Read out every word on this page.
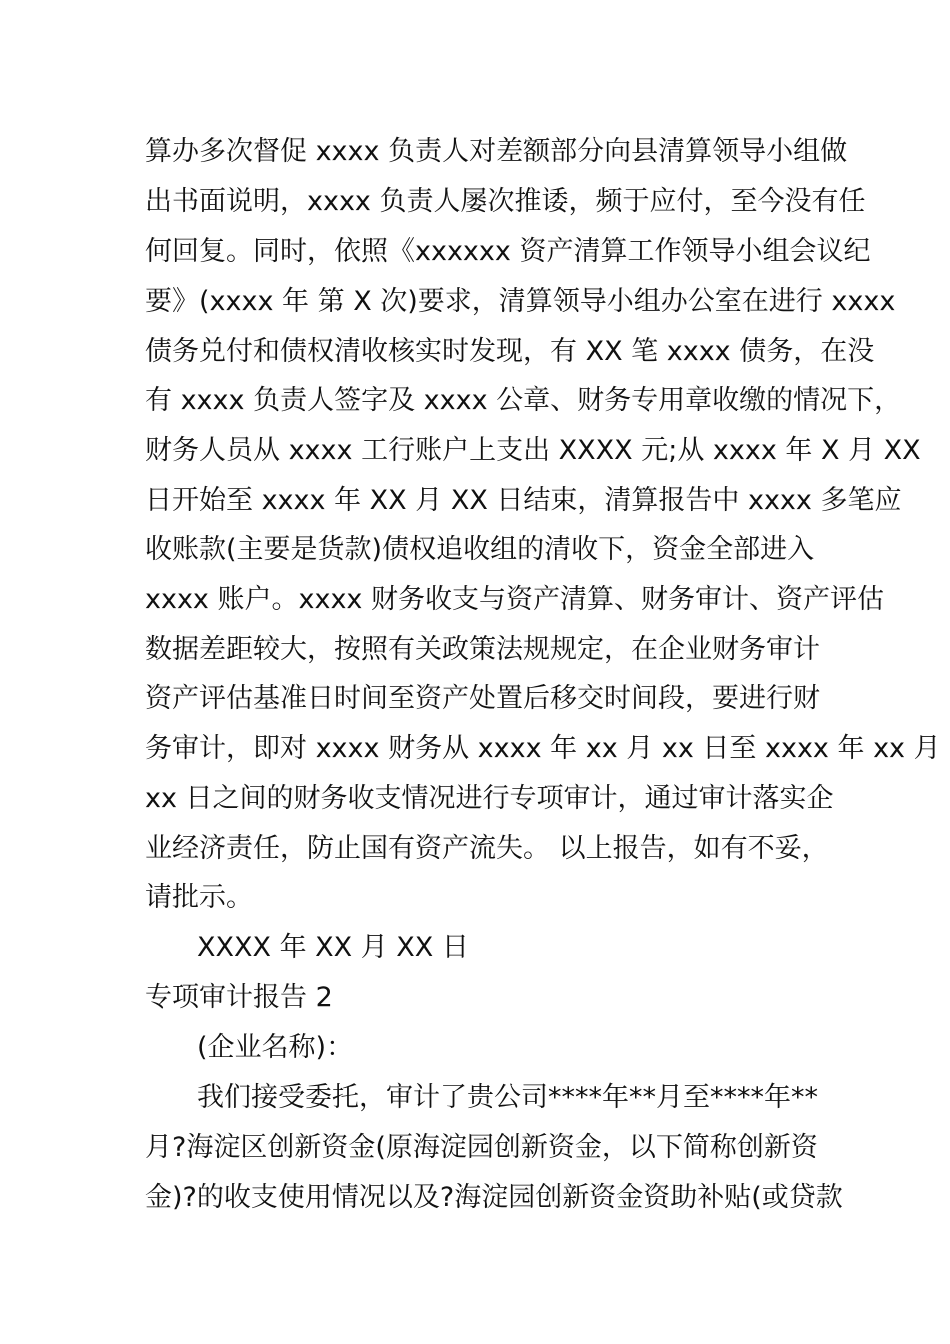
算办多次督促 xxxx 负责人对差额部分向县清算领导小组做
出书面说明，xxxx 负责人屡次推诿，频于应付，至今没有任
何回复。同时，依照《xxxxxx 资产清算工作领导小组会议纪
要》(xxxx 年 第 X 次)要求，清算领导小组办公室在进行 xxxx
债务兑付和债权清收核实时发现，有 XX 笔 xxxx 债务，在没
有 xxxx 负责人签字及 xxxx 公章、财务专用章收缴的情况下，
财务人员从 xxxx 工行账户上支出 XXXX 元;从 xxxx 年 X 月 XX
日开始至 xxxx 年 XX 月 XX 日结束，清算报告中 xxxx 多笔应
收账款(主要是货款)债权追收组的清收下，资金全部进入
xxxx 账户。xxxx 财务收支与资产清算、财务审计、资产评估
数据差距较大，按照有关政策法规规定，在企业财务审计
资产评估基准日时间至资产处置后移交时间段，要进行财
务审计，即对 xxxx 财务从 xxxx 年 xx 月 xx 日至 xxxx 年 xx 月
xx 日之间的财务收支情况进行专项审计，通过审计落实企
业经济责任，防止国有资产流失。 以上报告，如有不妥，
请批示。
XXXX 年 XX 月 XX 日
专项审计报告 2
(企业名称)：
我们接受委托，审计了贵公司****年**月至****年**
月?海淀区创新资金(原海淀园创新资金，以下简称创新资
金)?的收支使用情况以及?海淀园创新资金资助补贴(或贷款
